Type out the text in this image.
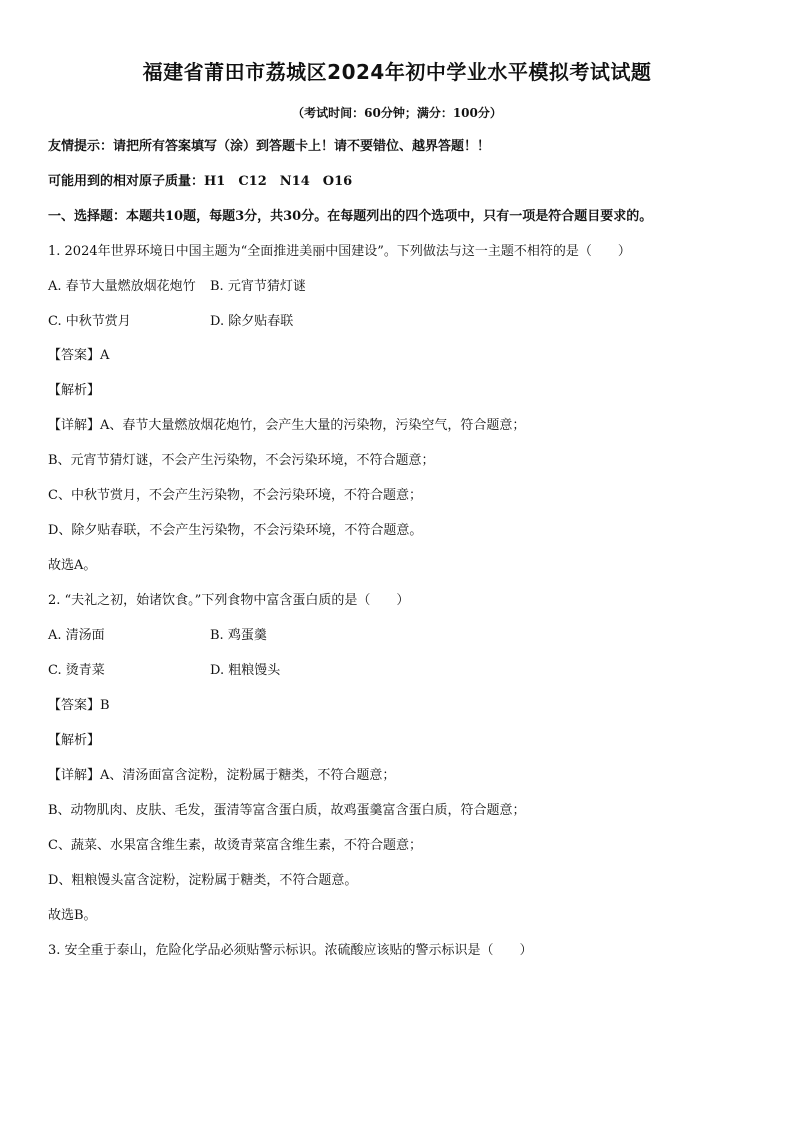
福建省莆田市荔城区2024年初中学业水平模拟考试试题
（考试时间：60分钟；满分：100分）
友情提示：请把所有答案填写（涂）到答题卡上！请不要错位、越界答题！！
可能用到的相对原子质量：H1　C12　N14　O16
一、选择题：本题共10题，每题3分，共30分。在每题列出的四个选项中，只有一项是符合题目要求的。
1. 2024年世界环境日中国主题为“全面推进美丽中国建设”。下列做法与这一主题不相符的是（　　）
A. 春节大量燃放烟花炮竹 B. 元宵节猜灯谜
C. 中秋节赏月	D. 除夕贴春联
【答案】A
【解析】
【详解】A、春节大量燃放烟花炮竹，会产生大量的污染物，污染空气，符合题意；
B、元宵节猜灯谜，不会产生污染物，不会污染环境，不符合题意；
C、中秋节赏月，不会产生污染物，不会污染环境，不符合题意；
D、除夕贴春联，不会产生污染物，不会污染环境，不符合题意。
故选A。
2. “夫礼之初，始诸饮食。”下列食物中富含蛋白质的是（　　）
A. 清汤面	B. 鸡蛋羹
C. 烫青菜	D. 粗粮馒头
【答案】B
【解析】
【详解】A、清汤面富含淀粉，淀粉属于糖类，不符合题意；
B、动物肌肉、皮肤、毛发，蛋清等富含蛋白质，故鸡蛋羹富含蛋白质，符合题意；
C、蔬菜、水果富含维生素，故烫青菜富含维生素，不符合题意；
D、粗粮馒头富含淀粉，淀粉属于糖类，不符合题意。
故选B。
3. 安全重于泰山，危险化学品必须贴警示标识。浓硫酸应该贴的警示标识是（　　）
